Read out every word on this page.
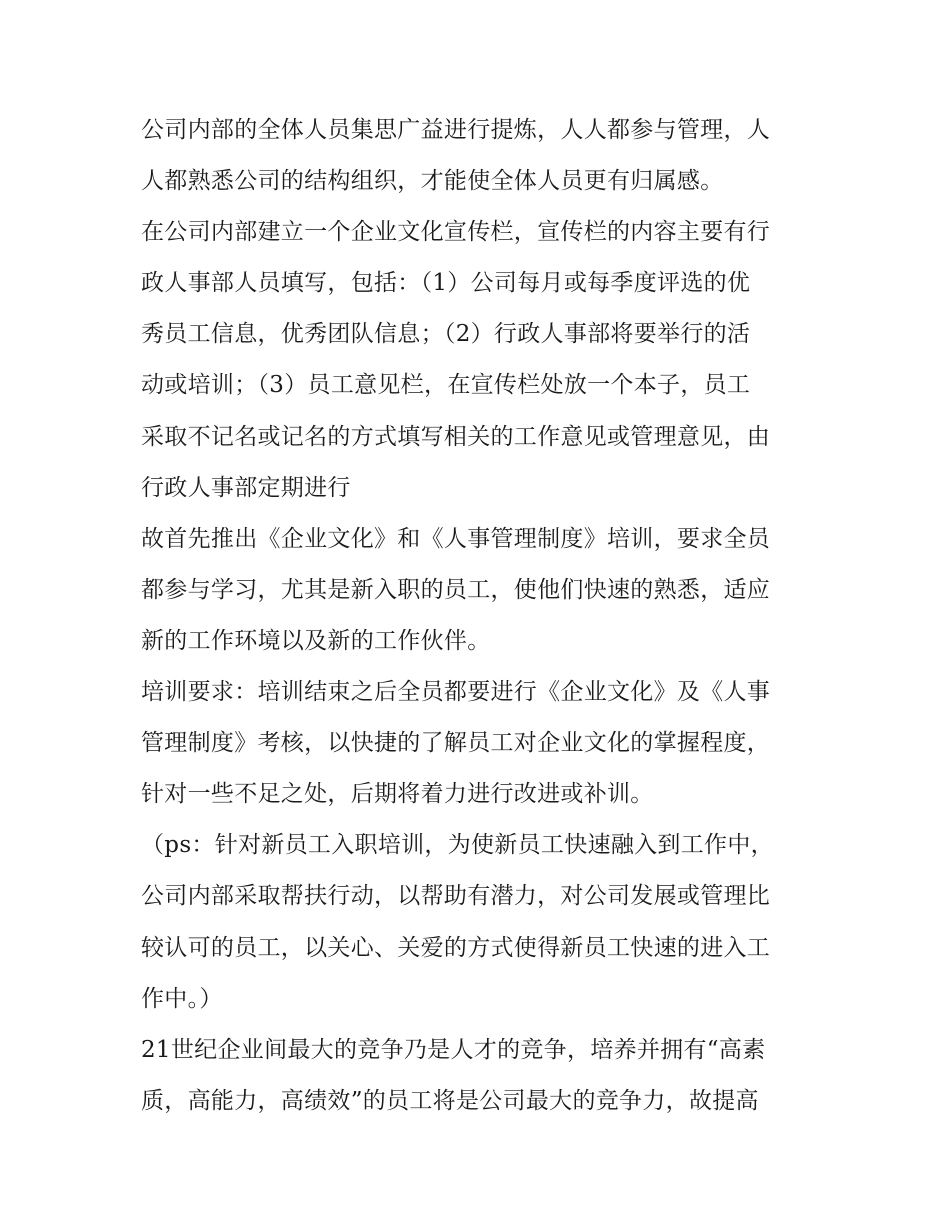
公司内部的全体人员集思广益进行提炼，人人都参与管理，人
人都熟悉公司的结构组织，才能使全体人员更有归属感。
在公司内部建立一个企业文化宣传栏，宣传栏的内容主要有行
政人事部人员填写，包括：（1）公司每月或每季度评选的优
秀员工信息，优秀团队信息；（2）行政人事部将要举行的活
动或培训；（3）员工意见栏，在宣传栏处放一个本子，员工
采取不记名或记名的方式填写相关的工作意见或管理意见，由
行政人事部定期进行
故首先推出《企业文化》和《人事管理制度》培训，要求全员
都参与学习，尤其是新入职的员工，使他们快速的熟悉，适应
新的工作环境以及新的工作伙伴。
培训要求：培训结束之后全员都要进行《企业文化》及《人事
管理制度》考核，以快捷的了解员工对企业文化的掌握程度，
针对一些不足之处，后期将着力进行改进或补训。
（ps：针对新员工入职培训，为使新员工快速融入到工作中，
公司内部采取帮扶行动，以帮助有潜力，对公司发展或管理比
较认可的员工，以关心、关爱的方式使得新员工快速的进入工
作中。）
21世纪企业间最大的竞争乃是人才的竞争，培养并拥有“高素
质，高能力，高绩效”的员工将是公司最大的竞争力，故提高
